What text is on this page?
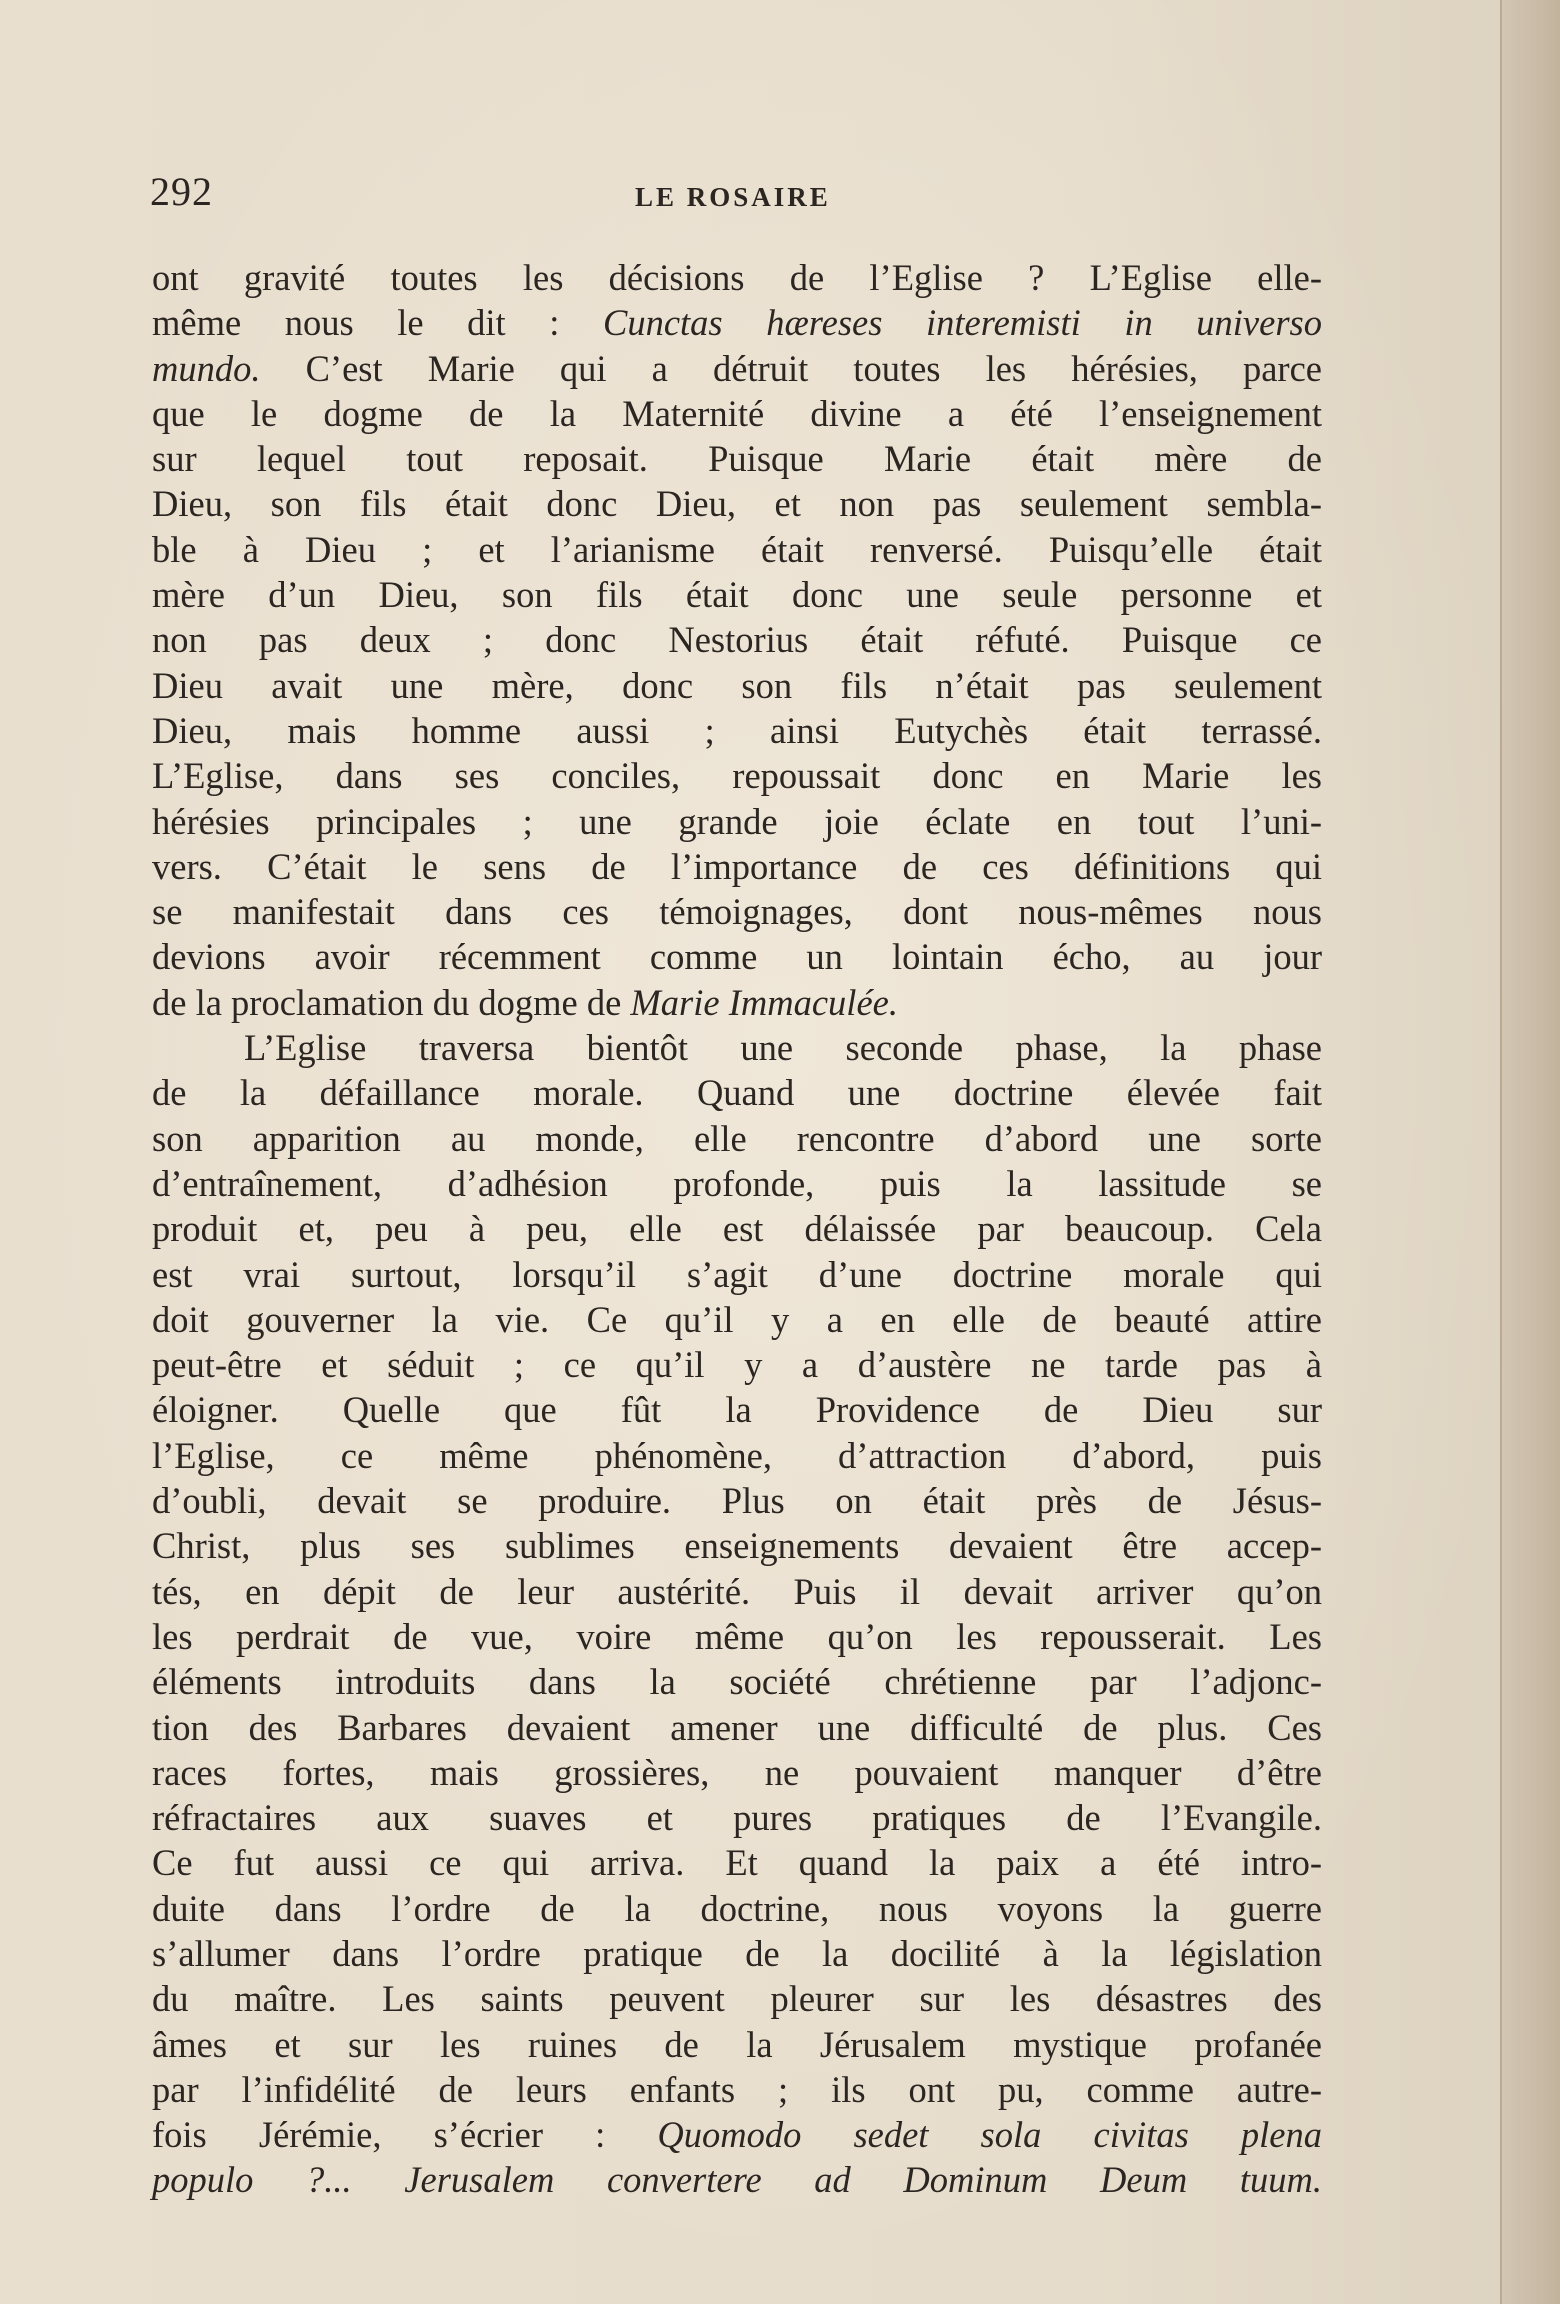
292	LE ROSAIRE
ont gravité toutes les décisions de l’Eglise ? L’Eglise elle-
même nous le dit : Cunctas hæreses interemisti in universo
mundo. C’est Marie qui a détruit toutes les hérésies, parce
que le dogme de la Maternité divine a été l’enseignement
sur lequel tout reposait. Puisque Marie était mère de
Dieu, son fils était donc Dieu, et non pas seulement sembla-
ble à Dieu ; et l’arianisme était renversé. Puisqu’elle était
mère d’un Dieu, son fils était donc une seule personne et
non pas deux ; donc Nestorius était réfuté. Puisque ce
Dieu avait une mère, donc son fils n’était pas seulement
Dieu, mais homme aussi ; ainsi Eutychès était terrassé.
L’Eglise, dans ses conciles, repoussait donc en Marie les
hérésies principales ; une grande joie éclate en tout l’uni-
vers. C’était le sens de l’importance de ces définitions qui
se manifestait dans ces témoignages, dont nous-mêmes nous
devions avoir récemment comme un lointain écho, au jour
de la proclamation du dogme de Marie Immaculée.
L’Eglise traversa bientôt une seconde phase, la phase
de la défaillance morale. Quand une doctrine élevée fait
son apparition au monde, elle rencontre d’abord une sorte
d’entraînement, d’adhésion profonde, puis la lassitude se
produit et, peu à peu, elle est délaissée par beaucoup. Cela
est vrai surtout, lorsqu’il s’agit d’une doctrine morale qui
doit gouverner la vie. Ce qu’il y a en elle de beauté attire
peut-être et séduit ; ce qu’il y a d’austère ne tarde pas à
éloigner. Quelle que fût la Providence de Dieu sur
l’Eglise, ce même phénomène, d’attraction d’abord, puis
d’oubli, devait se produire. Plus on était près de Jésus-
Christ, plus ses sublimes enseignements devaient être accep-
tés, en dépit de leur austérité. Puis il devait arriver qu’on
les perdrait de vue, voire même qu’on les repousserait. Les
éléments introduits dans la société chrétienne par l’adjonc-
tion des Barbares devaient amener une difficulté de plus. Ces
races fortes, mais grossières, ne pouvaient manquer d’être
réfractaires aux suaves et pures pratiques de l’Evangile.
Ce fut aussi ce qui arriva. Et quand la paix a été intro-
duite dans l’ordre de la doctrine, nous voyons la guerre
s’allumer dans l’ordre pratique de la docilité à la législation
du maître. Les saints peuvent pleurer sur les désastres des
âmes et sur les ruines de la Jérusalem mystique profanée
par l’infidélité de leurs enfants ; ils ont pu, comme autre-
fois Jérémie, s’écrier : Quomodo sedet sola civitas plena
populo ?... Jerusalem convertere ad Dominum Deum tuum.
